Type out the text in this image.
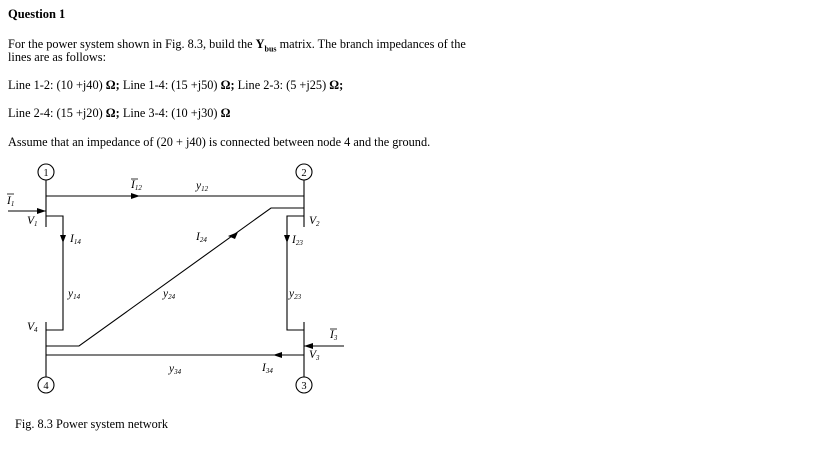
Question 1
For the power system shown in Fig. 8.3, build the $Y_{bus}$ matrix. The branch impedances of the
lines are as follows:
Line 1-2: (10 +j40) Ω; Line 1-4: (15 +j50) Ω; Line 2-3: (5 +j25) Ω;
Line 2-4: (15 +j20) Ω; Line 3-4: (10 +j30) Ω
Assume that an impedance of (20 + j40) is connected between node 4 and the ground.
Fig. 8.3 Power system network
1	2
3
4
I1
V1
I12	y12
I14
y14
I24
y24
V2
I23
y23
V4	I3
V3
y34	I34
